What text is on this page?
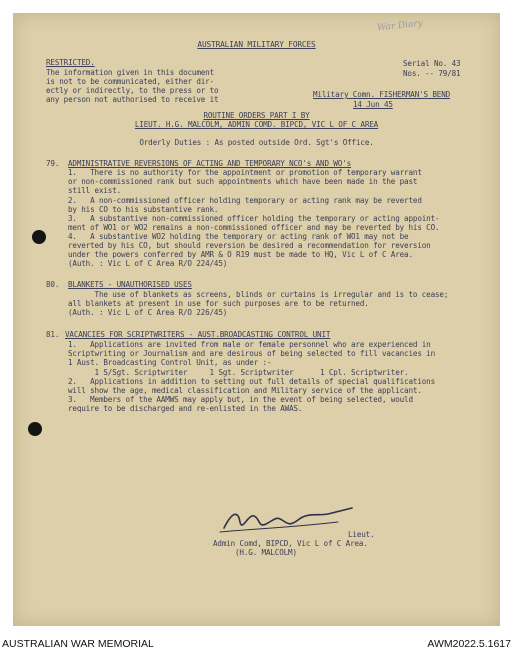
War Diary
AUSTRALIAN MILITARY FORCES
RESTRICTED.
The information given in this document
is not to be communicated, either dir-
ectly or indirectly, to the press or to
any person not authorised to receive it
Serial No. 43
Nos. -- 79/81
Military Comn. FISHERMAN'S BEND
14 Jun 45
ROUTINE ORDERS PART I BY
LIEUT. H.G. MALCOLM, ADMIN COMD. BIPCD, VIC L OF C AREA
Orderly Duties : As posted outside Ord. Sgt's Office.
79. ADMINISTRATIVE REVERSIONS OF ACTING AND TEMPORARY NCO's AND WO's
1.   There is no authority for the appointment or promotion of temporary warrant
or non-commissioned rank but such appointments which have been made in the past
still exist.
2.   A non-commissioned officer holding temporary or acting rank may be reverted
by his CO to his substantive rank.
3.   A substantive non-commissioned officer holding the temporary or acting appoint-
ment of WO1 or WO2 remains a non-commissioned officer and may be reverted by his CO.
4.   A substantive WO2 holding the temporary or acting rank of WO1 may not be
reverted by his CO, but should reversion be desired a recommendation for reversion
under the powers conferred by AMR & O R19 must be made to HQ, Vic L of C Area.
(Auth. : Vic L of C Area R/O 224/45)
80. BLANKETS - UNAUTHORISED USES
The use of blankets as screens, blinds or curtains is irregular and is to cease;
all blankets at present in use for such purposes are to be returned.
(Auth. : Vic L of C Area R/O 226/45)
81. VACANCIES FOR SCRIPTWRITERS - AUST.BROADCASTING CONTROL UNIT
1.   Applications are invited from male or female personnel who are experienced in
Scriptwriting or Journalism and are desirous of being selected to fill vacancies in
1 Aust. Broadcasting Control Unit, as under :-
1 S/Sgt. Scriptwriter     1 Sgt. Scriptwriter      1 Cpl. Scriptwriter.
2.   Applications in addition to setting out full details of special qualifications
will show the age, medical classification and Military service of the applicant.
3.   Members of the AAMWS may apply but, in the event of being selected, would
require to be discharged and re-enlisted in the AWAS.
Lieut.
Admin Comd, BIPCD, Vic L of C Area.
(H.G. MALCOLM)
AUSTRALIAN WAR MEMORIAL	AWM2022.5.1617
